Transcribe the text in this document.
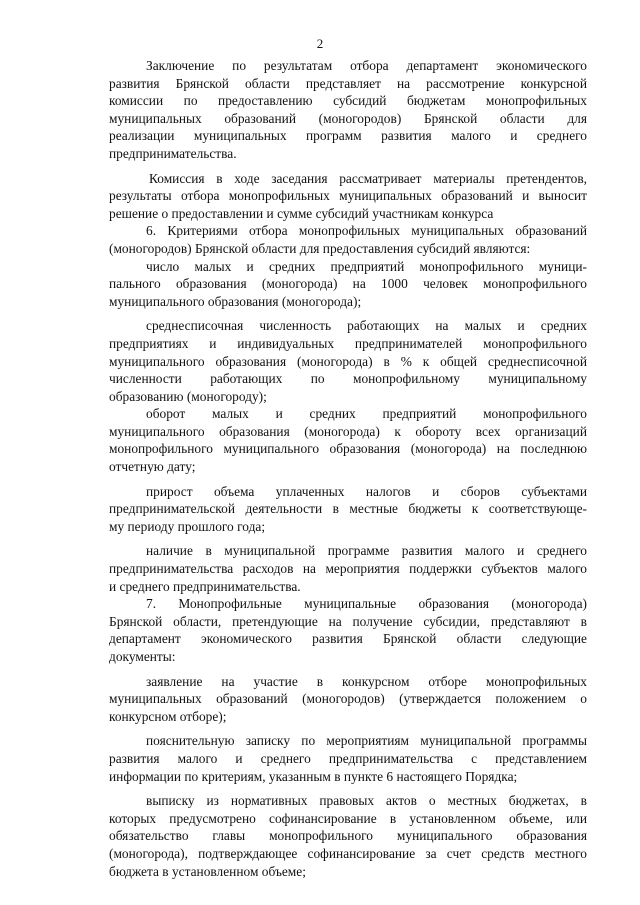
2
Заключение по результатам отбора департамент экономического
развития Брянской области представляет на рассмотрение конкурсной
комиссии по предоставлению субсидий бюджетам монопрофильных
муниципальных образований (моногородов) Брянской области для
реализации муниципальных программ развития малого и среднего
предпринимательства.
Комиссия в ходе заседания рассматривает материалы претендентов,
результаты отбора монопрофильных муниципальных образований и выносит
решение о предоставлении и сумме субсидий участникам конкурса
6. Критериями отбора монопрофильных муниципальных образований
(моногородов) Брянской области для предоставления субсидий являются:
число малых и средних предприятий монопрофильного муници-
пального образования (моногорода) на 1000 человек монопрофильного
муниципального образования (моногорода);
среднесписочная численность работающих на малых и средних
предприятиях и индивидуальных предпринимателей монопрофильного
муниципального образования (моногорода) в % к общей среднесписочной
численности работающих по монопрофильному муниципальному
образованию (моногороду);
оборот малых и средних предприятий монопрофильного
муниципального образования (моногорода) к обороту всех организаций
монопрофильного муниципального образования (моногорода) на последнюю
отчетную дату;
прирост объема уплаченных налогов и сборов субъектами
предпринимательской деятельности в местные бюджеты к соответствующе-
му периоду прошлого года;
наличие в муниципальной программе развития малого и среднего
предпринимательства расходов на мероприятия поддержки субъектов малого
и среднего предпринимательства.
7. Монопрофильные муниципальные образования (моногорода)
Брянской области, претендующие на получение субсидии, представляют в
департамент экономического развития Брянской области следующие
документы:
заявление на участие в конкурсном отборе монопрофильных
муниципальных образований (моногородов) (утверждается положением о
конкурсном отборе);
пояснительную записку по мероприятиям муниципальной программы
развития малого и среднего предпринимательства с представлением
информации по критериям, указанным в пункте 6 настоящего Порядка;
выписку из нормативных правовых актов о местных бюджетах, в
которых предусмотрено софинансирование в установленном объеме, или
обязательство главы монопрофильного муниципального образования
(моногорода), подтверждающее софинансирование за счет средств местного
бюджета в установленном объеме;
